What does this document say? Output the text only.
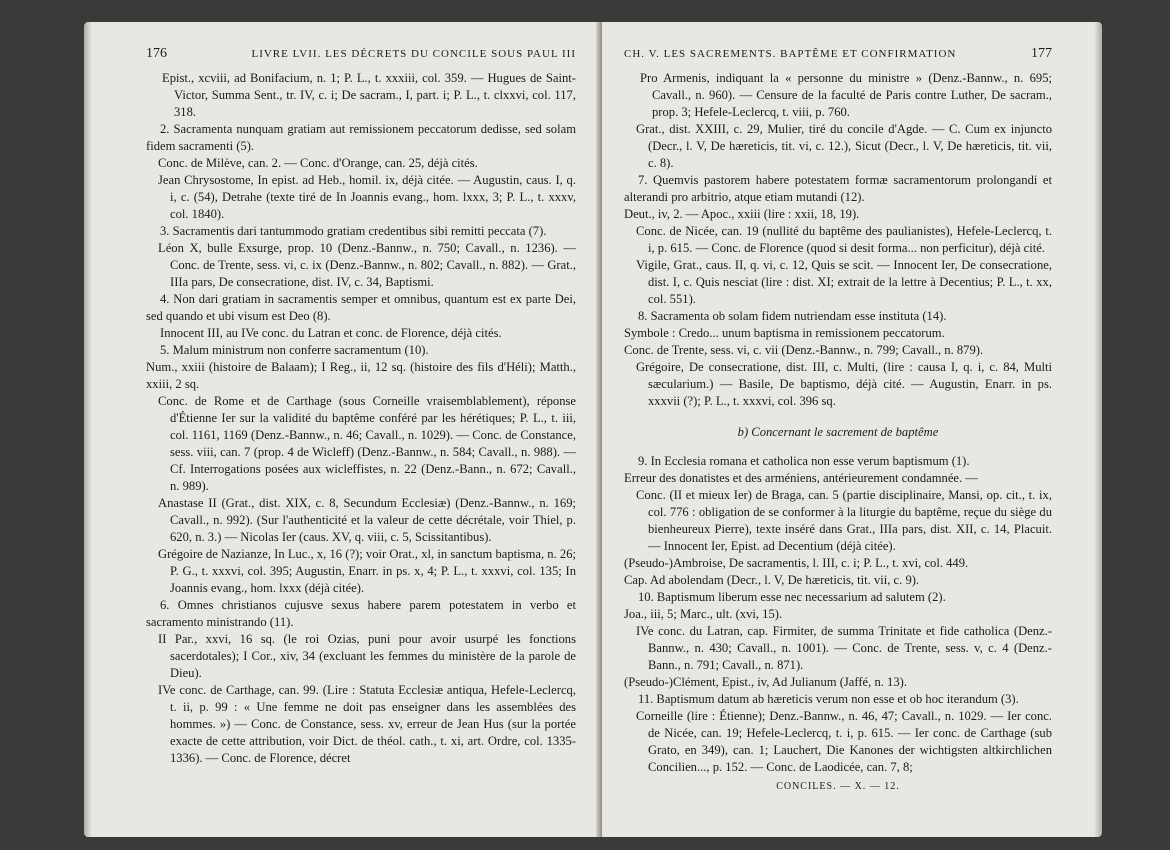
176	LIVRE LVII. LES DÉCRETS DU CONCILE SOUS PAUL III

Epist., xcviii, ad Bonifacium, n. 1; P. L., t. xxxiii, col. 359. — Hugues de Saint-Victor, Summa Sent., tr. IV, c. i; De sacram., I, part. i; P. L., t. clxxvi, col. 117, 318.

2. Sacramenta nunquam gratiam aut remissionem peccatorum dedisse, sed solam fidem sacramenti (5).

Conc. de Milève, can. 2. — Conc. d'Orange, can. 25, déjà cités.

Jean Chrysostome, In epist. ad Heb., homil. ix, déjà citée. — Augustin, caus. I, q. i, c. (54), Detrahe (texte tiré de In Joannis evang., hom. lxxx, 3; P. L., t. xxxv, col. 1840).

3. Sacramentis dari tantummodo gratiam credentibus sibi remitti peccata (7).

Léon X, bulle Exsurge, prop. 10 (Denz.-Bannw., n. 750; Cavall., n. 1236). — Conc. de Trente, sess. vi, c. ix (Denz.-Bannw., n. 802; Cavall., n. 882). — Grat., IIIa pars, De consecratione, dist. IV, c. 34, Baptismi.

4. Non dari gratiam in sacramentis semper et omnibus, quantum est ex parte Dei, sed quando et ubi visum est Deo (8).

Innocent III, au IVe conc. du Latran et conc. de Florence, déjà cités.

5. Malum ministrum non conferre sacramentum (10).

Num., xxiii (histoire de Balaam); I Reg., ii, 12 sq. (histoire des fils d'Héli); Matth., xxiii, 2 sq.

Conc. de Rome et de Carthage (sous Corneille vraisemblablement), réponse d'Étienne Ier sur la validité du baptême conféré par les hérétiques; P. L., t. iii, col. 1161, 1169 (Denz.-Bannw., n. 46; Cavall., n. 1029). — Conc. de Constance, sess. viii, can. 7 (prop. 4 de Wicleff) (Denz.-Bannw., n. 584; Cavall., n. 988). — Cf. Interrogations posées aux wicleffistes, n. 22 (Denz.-Bann., n. 672; Cavall., n. 989).

Anastase II (Grat., dist. XIX, c. 8, Secundum Ecclesiæ) (Denz.-Bannw., n. 169; Cavall., n. 992). (Sur l'authenticité et la valeur de cette décrétale, voir Thiel, p. 620, n. 3.) — Nicolas Ier (caus. XV, q. viii, c. 5, Scissitantibus).

Grégoire de Nazianze, In Luc., x, 16 (?); voir Orat., xl, in sanctum baptisma, n. 26; P. G., t. xxxvi, col. 395; Augustin, Enarr. in ps. x, 4; P. L., t. xxxvi, col. 135; In Joannis evang., hom. lxxx (déjà citée).

6. Omnes christianos cujusve sexus habere parem potestatem in verbo et sacramento ministrando (11).

II Par., xxvi, 16 sq. (le roi Ozias, puni pour avoir usurpé les fonctions sacerdotales); I Cor., xiv, 34 (excluant les femmes du ministère de la parole de Dieu).

IVe conc. de Carthage, can. 99. (Lire : Statuta Ecclesiæ antiqua, Hefele-Leclercq, t. ii, p. 99 : « Une femme ne doit pas enseigner dans les assemblées des hommes. ») — Conc. de Constance, sess. xv, erreur de Jean Hus (sur la portée exacte de cette attribution, voir Dict. de théol. cath., t. xi, art. Ordre, col. 1335-1336). — Conc. de Florence, décret

CH. V. LES SACREMENTS. BAPTÊME ET CONFIRMATION	177

Pro Armenis, indiquant la « personne du ministre » (Denz.-Bannw., n. 695; Cavall., n. 960). — Censure de la faculté de Paris contre Luther, De sacram., prop. 3; Hefele-Leclercq, t. viii, p. 760.

Grat., dist. XXIII, c. 29, Mulier, tiré du concile d'Agde. — C. Cum ex injuncto (Decr., l. V, De hæreticis, tit. vi, c. 12.), Sicut (Decr., l. V, De hæreticis, tit. vii, c. 8).

7. Quemvis pastorem habere potestatem formæ sacramentorum prolongandi et alterandi pro arbitrio, atque etiam mutandi (12).

Deut., iv, 2. — Apoc., xxiii (lire : xxii, 18, 19).

Conc. de Nicée, can. 19 (nullité du baptême des paulianistes), Hefele-Leclercq, t. i, p. 615. — Conc. de Florence (quod si desit forma... non perficitur), déjà cité.

Vigile, Grat., caus. II, q. vi, c. 12, Quis se scit. — Innocent Ier, De consecratione, dist. I, c. Quis nesciat (lire : dist. XI; extrait de la lettre à Decentius; P. L., t. xx, col. 551).

8. Sacramenta ob solam fidem nutriendam esse instituta (14).

Symbole : Credo... unum baptisma in remissionem peccatorum.

Conc. de Trente, sess. vi, c. vii (Denz.-Bannw., n. 799; Cavall., n. 879).

Grégoire, De consecratione, dist. III, c. Multi, (lire : causa I, q. i, c. 84, Multi sæcularium.) — Basile, De baptismo, déjà cité. — Augustin, Enarr. in ps. xxxvii (?); P. L., t. xxxvi, col. 396 sq.

b) Concernant le sacrement de baptême

9. In Ecclesia romana et catholica non esse verum baptismum (1).

Erreur des donatistes et des arméniens, antérieurement condamnée. —

Conc. (II et mieux Ier) de Braga, can. 5 (partie disciplinaire, Mansi, op. cit., t. ix, col. 776 : obligation de se conformer à la liturgie du baptême, reçue du siège du bienheureux Pierre), texte inséré dans Grat., IIIa pars, dist. XII, c. 14, Placuit. — Innocent Ier, Epist. ad Decentium (déjà citée).

(Pseudo-)Ambroise, De sacramentis, l. III, c. i; P. L., t. xvi, col. 449.

Cap. Ad abolendam (Decr., l. V, De hæreticis, tit. vii, c. 9).

10. Baptismum liberum esse nec necessarium ad salutem (2).

Joa., iii, 5; Marc., ult. (xvi, 15).

IVe conc. du Latran, cap. Firmiter, de summa Trinitate et fide catholica (Denz.-Bannw., n. 430; Cavall., n. 1001). — Conc. de Trente, sess. v, c. 4 (Denz.-Bann., n. 791; Cavall., n. 871).

(Pseudo-)Clément, Epist., iv, Ad Julianum (Jaffé, n. 13).

11. Baptismum datum ab hæreticis verum non esse et ob hoc iterandum (3).

Corneille (lire : Étienne); Denz.-Bannw., n. 46, 47; Cavall., n. 1029. — Ier conc. de Nicée, can. 19; Hefele-Leclercq, t. i, p. 615. — Ier conc. de Carthage (sub Grato, en 349), can. 1; Lauchert, Die Kanones der wichtigsten altkirchlichen Concilien..., p. 152. — Conc. de Laodicée, can. 7, 8;

CONCILES. — X. — 12.
